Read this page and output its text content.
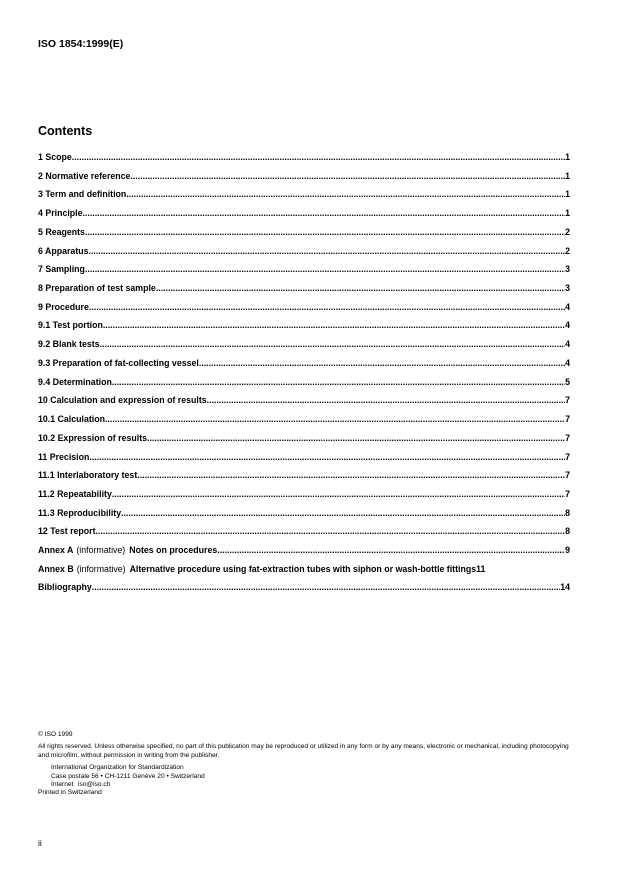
ISO 1854:1999(E)

Contents
1 Scope .....	1
2 Normative reference .....	1
3 Term and definition .....	1
4 Principle .....	1
5 Reagents .....	2
6 Apparatus .....	2
7 Sampling .....	3
8 Preparation of test sample .....	3
9 Procedure .....	4
9.1 Test portion .....	4
9.2 Blank tests .....	4
9.3 Preparation of fat-collecting vessel .....	4
9.4 Determination .....	5
10 Calculation and expression of results .....	7
10.1 Calculation .....	7
10.2 Expression of results .....	7
11 Precision .....	7
11.1 Interlaboratory test .....	7
11.2 Repeatability .....	7
11.3 Reproducibility .....	8
12 Test report .....	8
Annex A (informative) Notes on procedures .....	9
Annex B (informative) Alternative procedure using fat-extraction tubes with siphon or wash-bottle fittings 11
Bibliography .....	14

© ISO 1999

All rights reserved. Unless otherwise specified, no part of this publication may be reproduced or utilized in any form or by any means, electronic or mechanical, including photocopying and microfilm, without permission in writing from the publisher.

International Organization for Standardization

Case postale 56 • CH-1211 Genève 20 • Switzerland

Internet iso@iso.ch

Printed in Switzerland

ii
